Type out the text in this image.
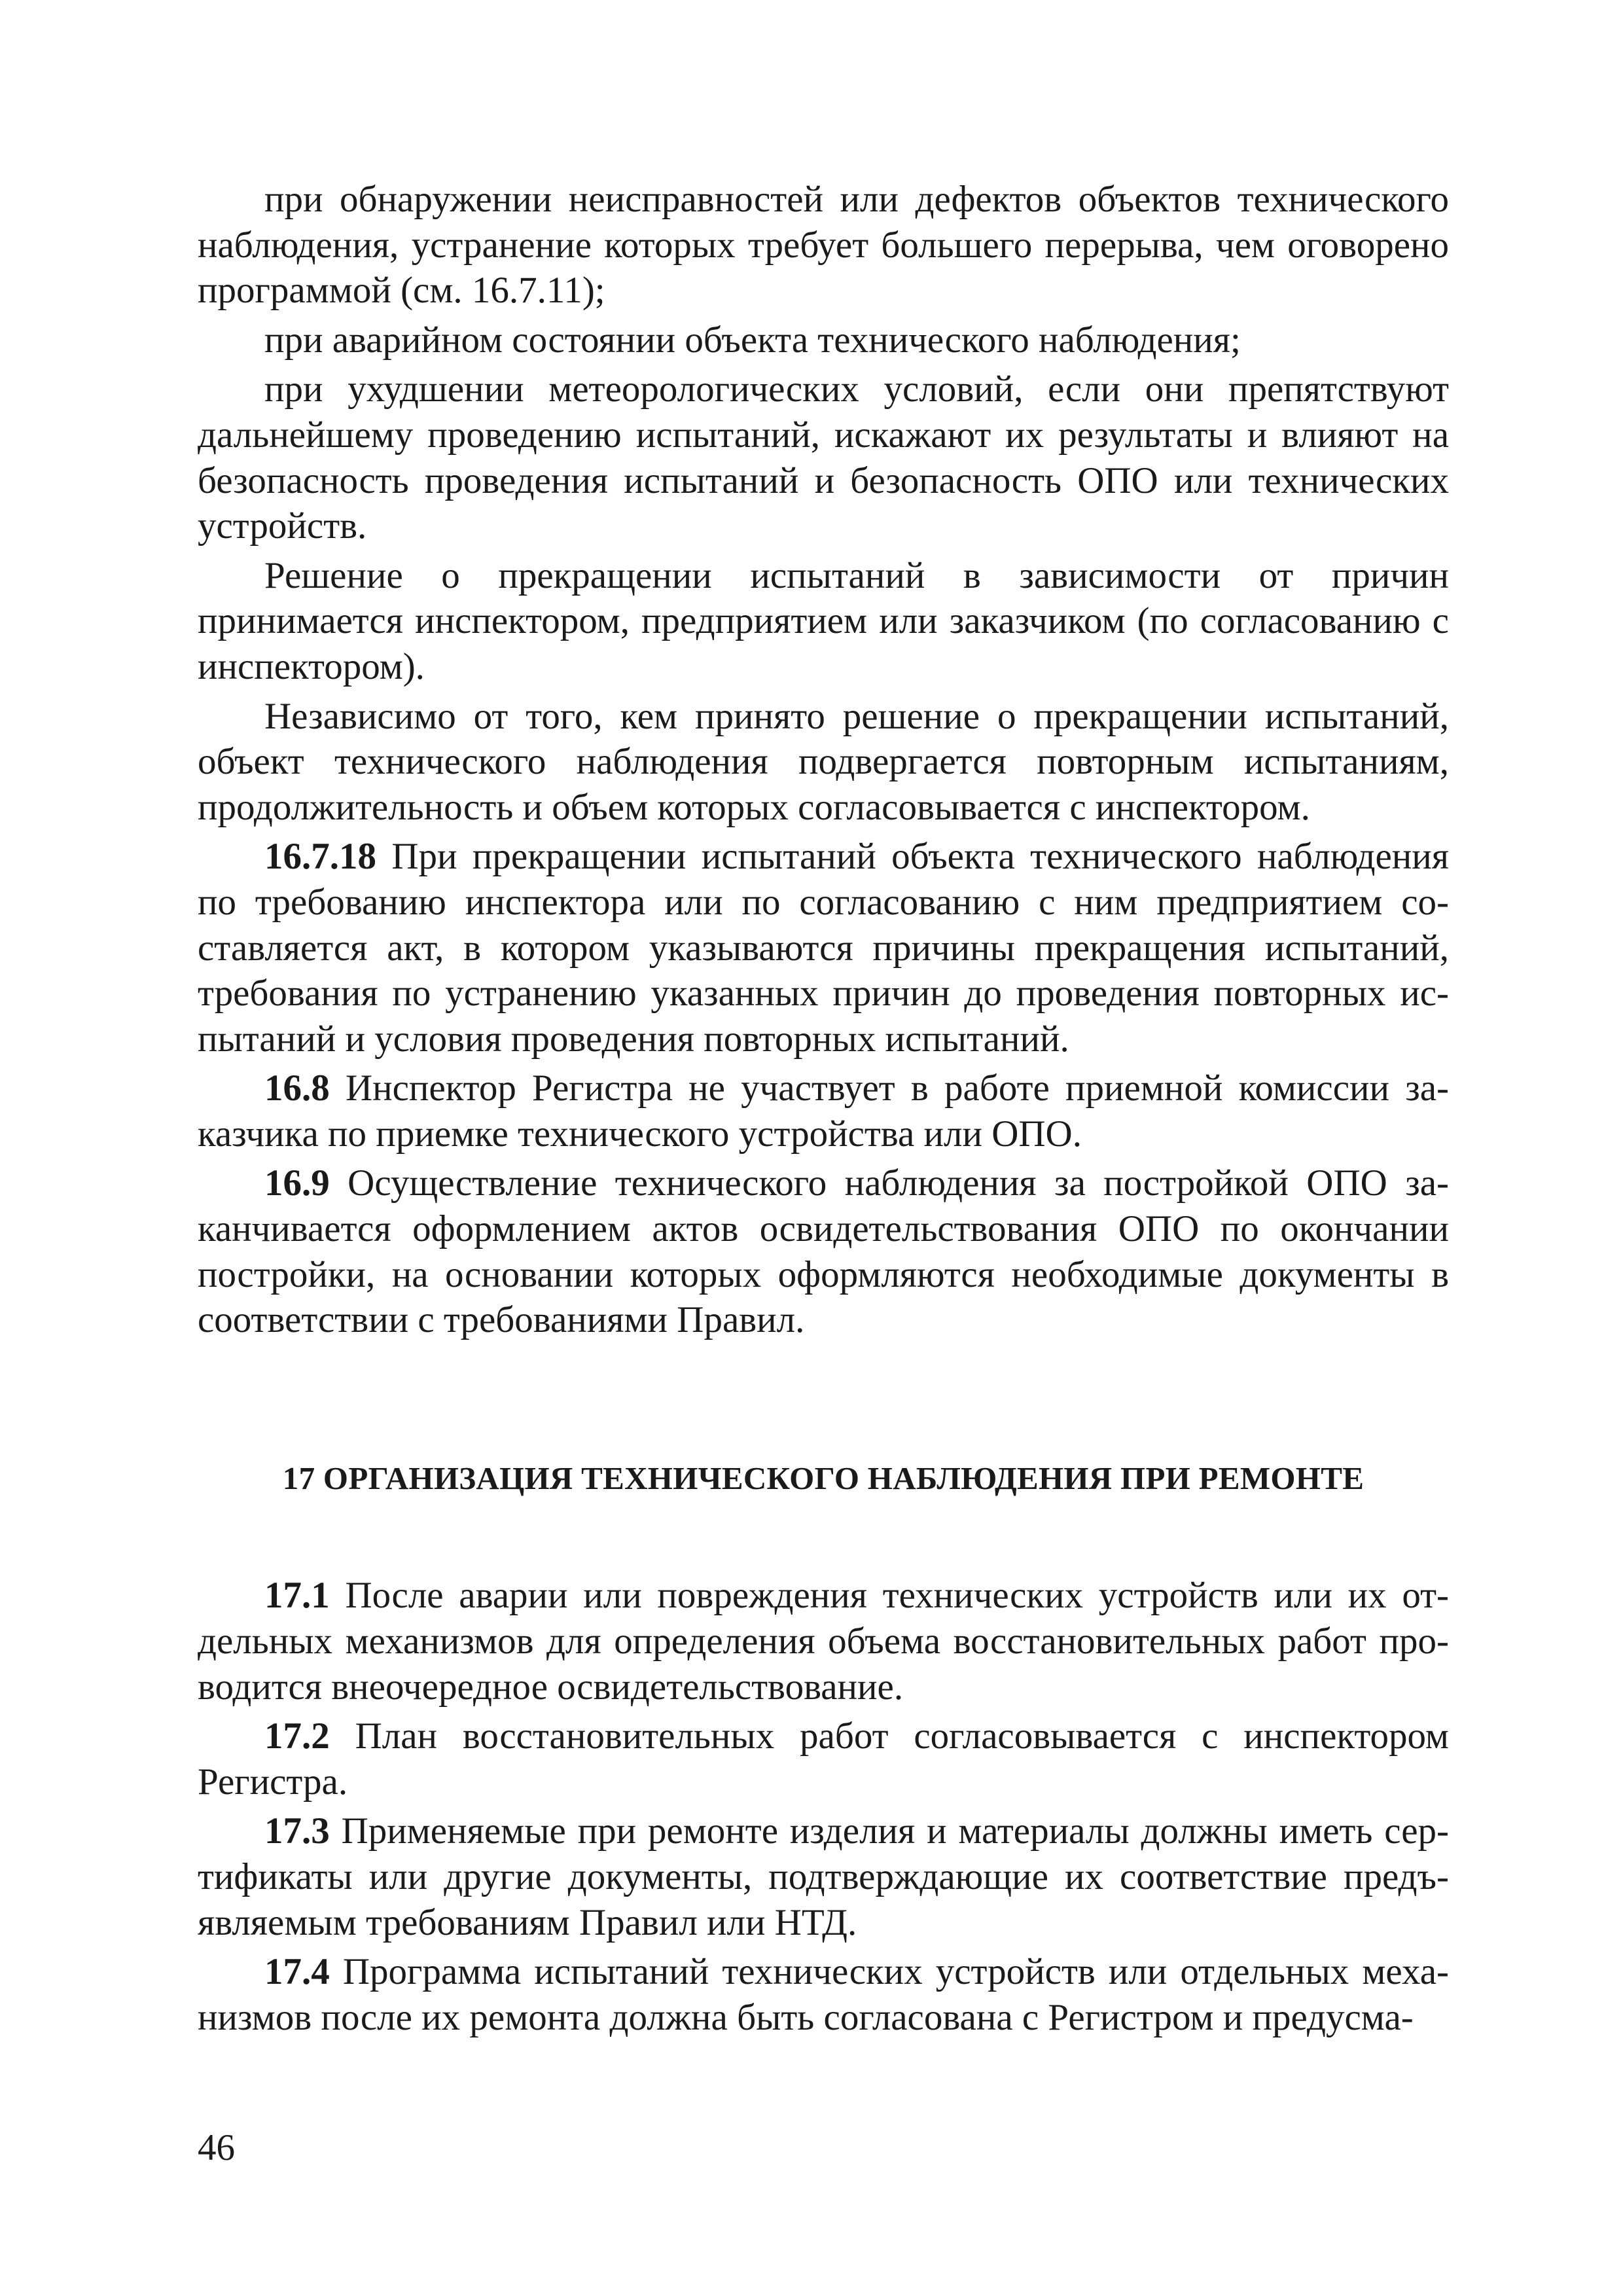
при обнаружении неисправностей или дефектов объектов технического наблюдения, устранение которых требует большего перерыва, чем оговорено программой (см. 16.7.11);

при аварийном состоянии объекта технического наблюдения;

при ухудшении метеорологических условий, если они препятствуют дальнейшему проведению испытаний, искажают их результаты и влияют на безопасность проведения испытаний и безопасность ОПО или технических устройств.

Решение о прекращении испытаний в зависимости от причин принимается инспектором, предприятием или заказчиком (по согласованию с инспектором).

Независимо от того, кем принято решение о прекращении испытаний, объект технического наблюдения подвергается повторным испытаниям, продолжительность и объем которых согласовывается с инспектором.

16.7.18 При прекращении испытаний объекта технического наблюдения по требованию инспектора или по согласованию с ним предприятием составляется акт, в котором указываются причины прекращения испытаний, требования по устранению указанных причин до проведения повторных испытаний и условия проведения повторных испытаний.

16.8 Инспектор Регистра не участвует в работе приемной комиссии заказчика по приемке технического устройства или ОПО.

16.9 Осуществление технического наблюдения за постройкой ОПО заканчивается оформлением актов освидетельствования ОПО по окончании постройки, на основании которых оформляются необходимые документы в соответствии с требованиями Правил.

17 ОРГАНИЗАЦИЯ ТЕХНИЧЕСКОГО НАБЛЮДЕНИЯ ПРИ РЕМОНТЕ

17.1 После аварии или повреждения технических устройств или их отдельных механизмов для определения объема восстановительных работ проводится внеочередное освидетельствование.

17.2 План восстановительных работ согласовывается с инспектором Регистра.

17.3 Применяемые при ремонте изделия и материалы должны иметь сертификаты или другие документы, подтверждающие их соответствие предъявляемым требованиям Правил или НТД.

17.4 Программа испытаний технических устройств или отдельных механизмов после их ремонта должна быть согласована с Регистром и предусма-

46
